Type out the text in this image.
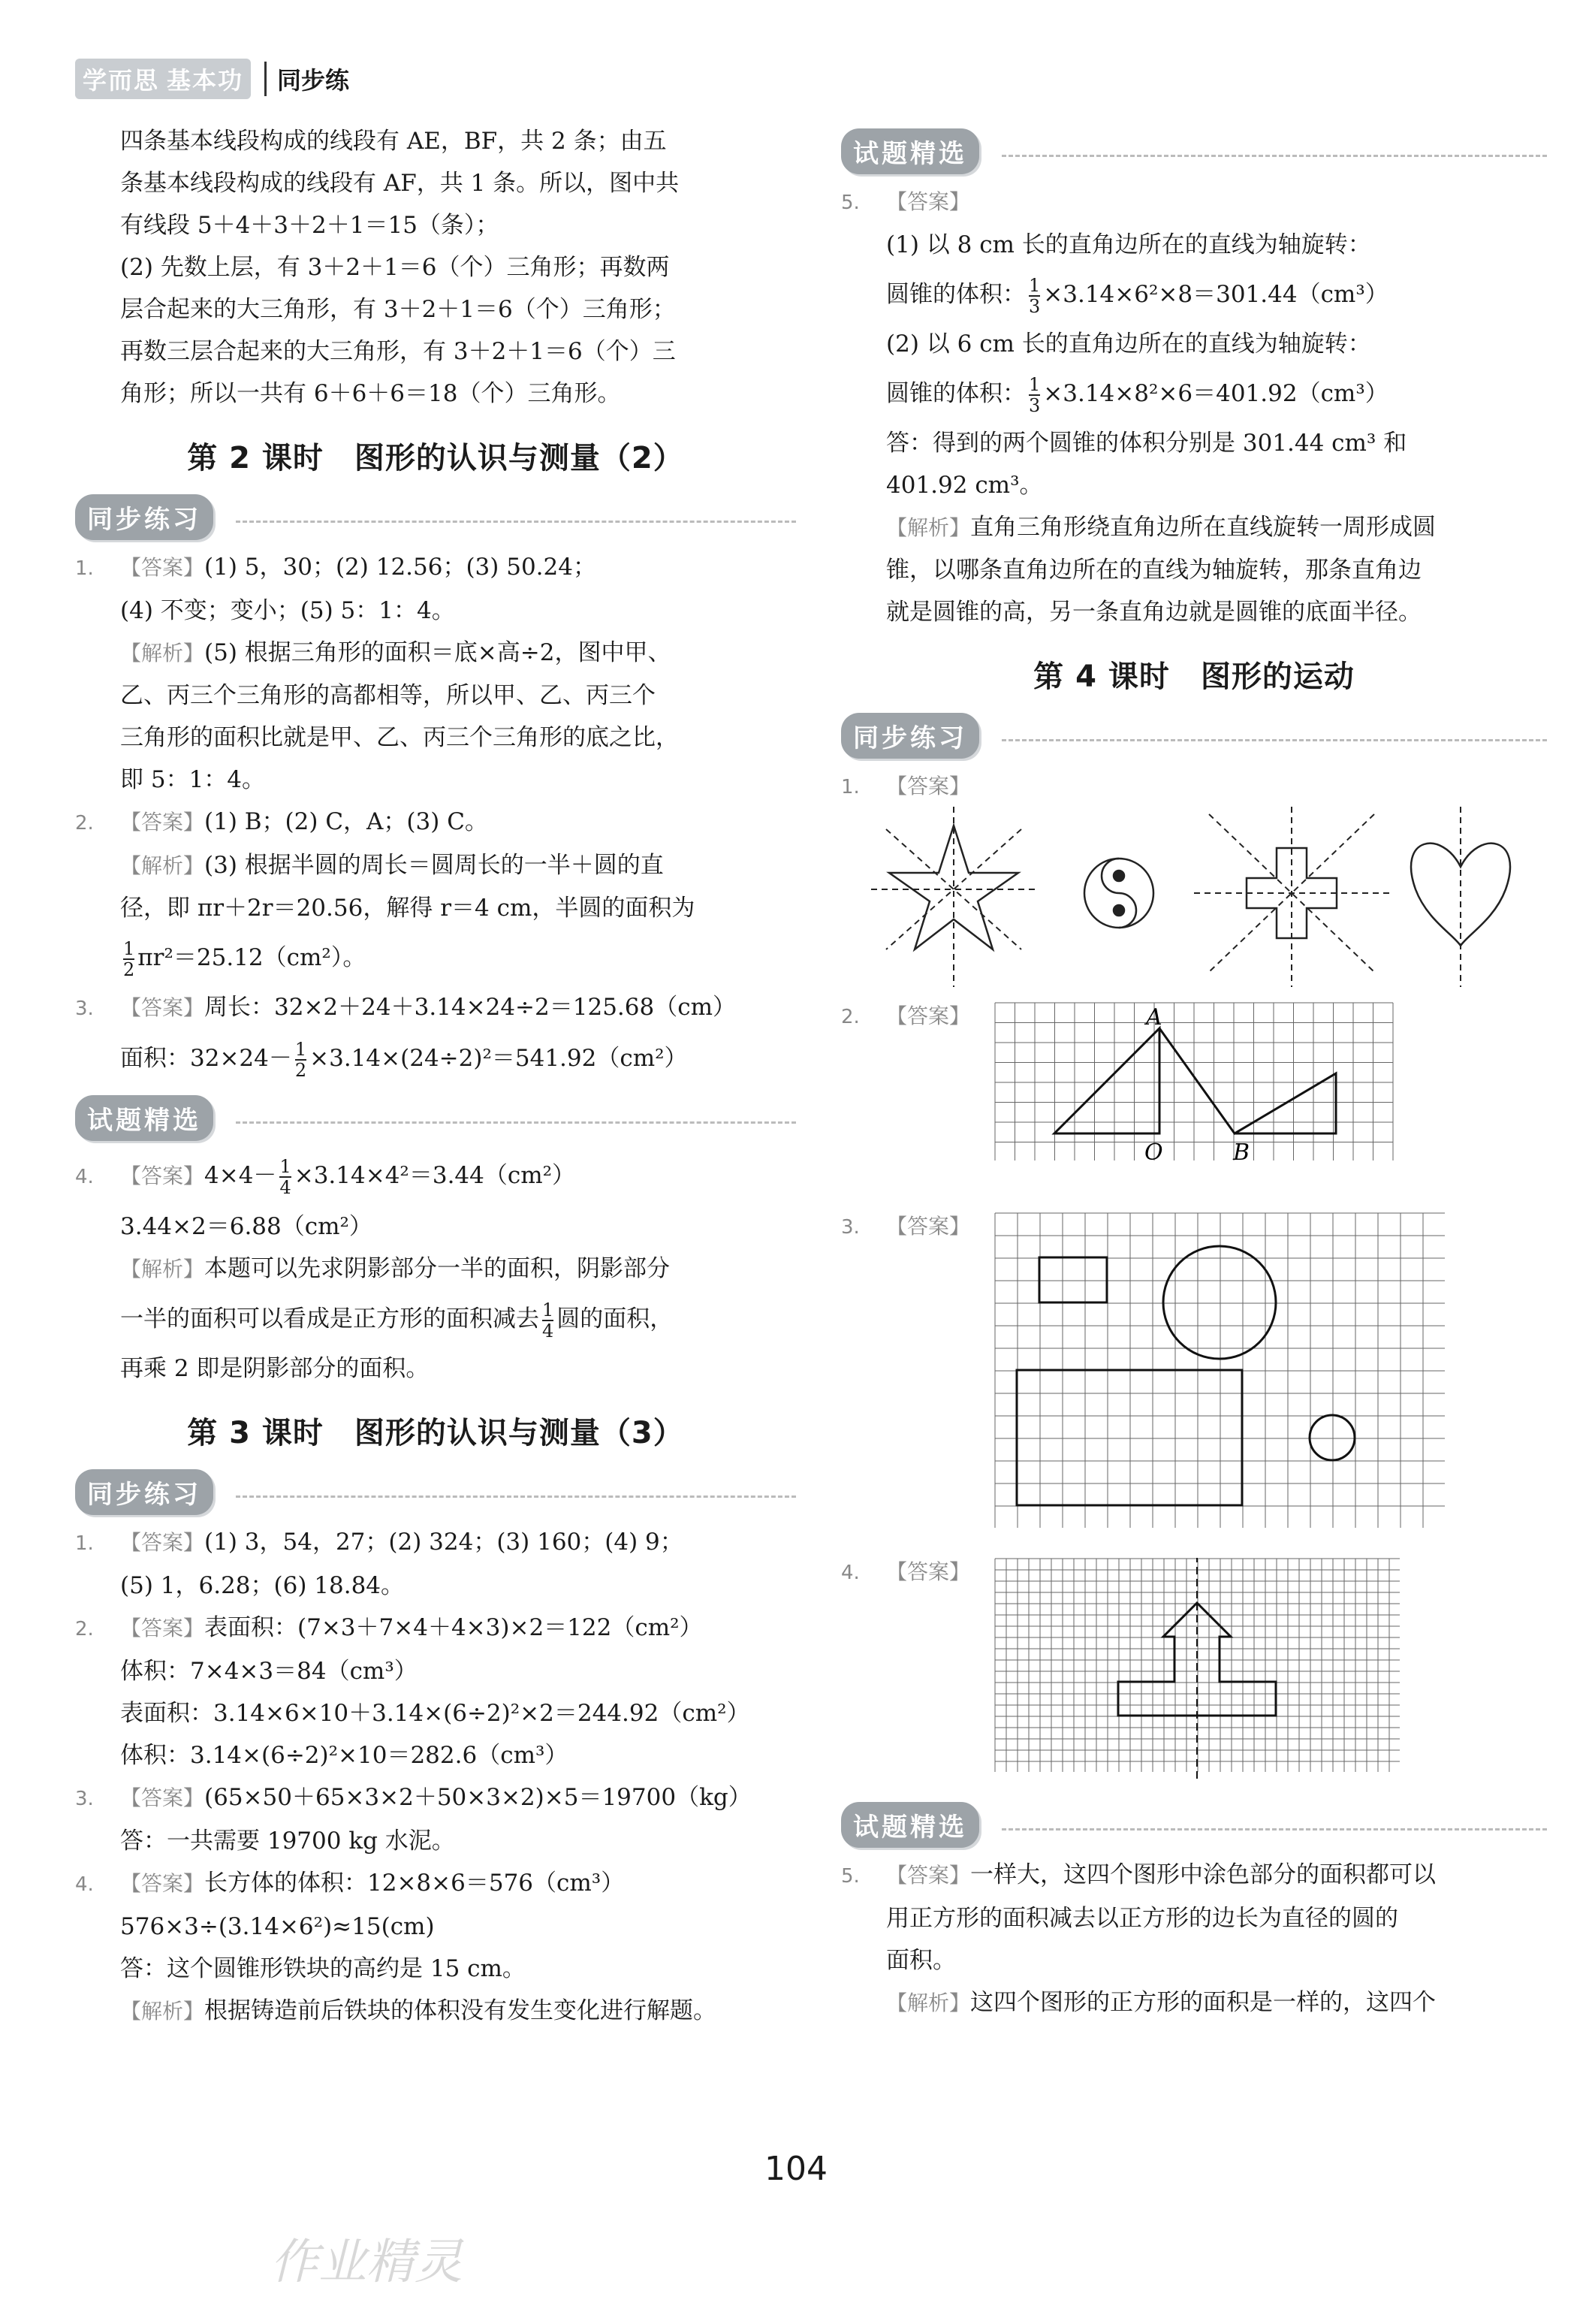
学而思 基本功	同步练
四条基本线段构成的线段有 AE，BF，共 2 条；由五
条基本线段构成的线段有 AF，共 1 条。所以，图中共
有线段 5＋4＋3＋2＋1＝15（条）；
(2) 先数上层，有 3＋2＋1＝6（个）三角形；再数两
层合起来的大三角形，有 3＋2＋1＝6（个）三角形；
再数三层合起来的大三角形，有 3＋2＋1＝6（个）三
角形；所以一共有 6＋6＋6＝18（个）三角形。
第 2 课时　图形的认识与测量（2）
同步练习
1. 【答案】(1) 5，30；(2) 12.56；(3) 50.24；
(4) 不变；变小；(5) 5：1：4。
【解析】(5) 根据三角形的面积＝底×高÷2，图中甲、
乙、丙三个三角形的高都相等，所以甲、乙、丙三个
三角形的面积比就是甲、乙、丙三个三角形的底之比，
即 5：1：4。
2. 【答案】(1) B；(2) C，A；(3) C。
【解析】(3) 根据半圆的周长＝圆周长的一半＋圆的直
径，即 πr＋2r＝20.56，解得 r＝4 cm，半圆的面积为
$\frac{1}{2} \pi r^2=25.12(cm^2)$。
3. 【答案】周长：32×2＋24＋3.14×24÷2＝125.68（cm）
面积：$32\times 24- \frac{1}{2} \times 3.14\times(24\div 2)^2=541.92(cm^2)$
试题精选
4. 【答案】$4\times 4- \frac{1}{4} \times 3.14\times 4^2=3.44(cm^2)$
3.44×2＝6.88（cm²）
【解析】本题可以先求阴影部分一半的面积，阴影部分
一半的面积可以看成是正方形的面积减去 $\frac{1}{4}$ 圆的面积，
再乘 2 即是阴影部分的面积。
第 3 课时　图形的认识与测量（3）
同步练习
1. 【答案】(1) 3，54，27；(2) 324；(3) 160；(4) 9；
(5) 1，6.28；(6) 18.84。
2. 【答案】表面积：(7×3＋7×4＋4×3)×2＝122（cm²）
体积：7×4×3＝84（cm³）
表面积：3.14×6×10＋3.14×(6÷2)²×2＝244.92（cm²）
体积：3.14×(6÷2)²×10＝282.6（cm³）
3. 【答案】(65×50＋65×3×2＋50×3×2)×5＝19700（kg）
答：一共需要 19700 kg 水泥。
4. 【答案】长方体的体积：12×8×6＝576（cm³）
576×3÷(3.14×6²)≈15(cm)
答：这个圆锥形铁块的高约是 15 cm。
【解析】根据铸造前后铁块的体积没有发生变化进行解题。
试题精选
5. 【答案】
(1) 以 8 cm 长的直角边所在的直线为轴旋转：
圆锥的体积： $\frac{1}{3} \times 3.14\times 6^2\times 8=301.44(cm^3)$
(2) 以 6 cm 长的直角边所在的直线为轴旋转：
圆锥的体积： $\frac{1}{3} \times 3.14\times 8^2\times 6=401.92(cm^3)$
答：得到的两个圆锥的体积分别是 301.44 cm³ 和
401.92 cm³。
【解析】直角三角形绕直角边所在直线旋转一周形成圆
锥，以哪条直角边所在的直线为轴旋转，那条直角边
就是圆锥的高，另一条直角边就是圆锥的底面半径。
第 4 课时　图形的运动
同步练习
1. 【答案】
2. 【答案】	A
O	B
3. 【答案】
4. 【答案】
试题精选
5. 【答案】一样大，这四个图形中涂色部分的面积都可以
用正方形的面积减去以正方形的边长为直径的圆的
面积。
【解析】这四个图形的正方形的面积是一样的，这四个
104
作业精灵
